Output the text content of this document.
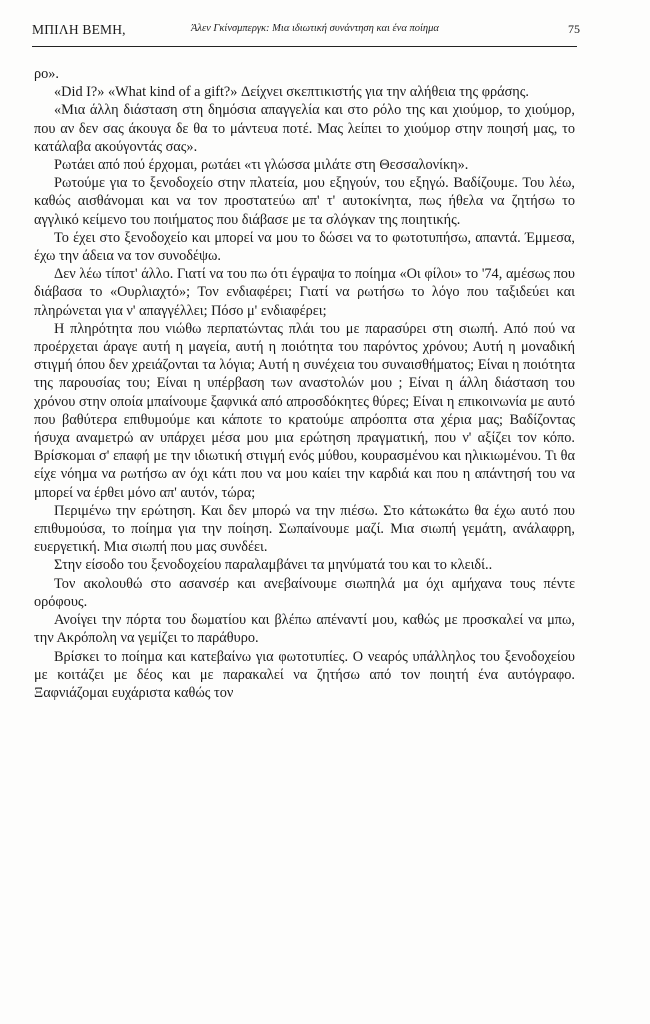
ΜΠΙΛΗ ΒΕΜΗ,	Άλεν Γκίνσμπεργκ: Μια ιδιωτική συνάντηση και ένα ποίημα	75

ρο».

«Did I?» «What kind of a gift?» Δείχνει σκεπτικιστής για την αλήθεια της φράσης.

«Μια άλλη διάσταση στη δημόσια απαγγελία και στο ρόλο της και χιούμορ, το χιούμορ, που αν δεν σας άκουγα δε θα το μάντευα ποτέ. Μας λείπει το χιούμορ στην ποιησή μας, το κατάλαβα ακούγοντάς σας».

Ρωτάει από πού έρχομαι, ρωτάει «τι γλώσσα μιλάτε στη Θεσσαλονίκη».

Ρωτούμε για το ξενοδοχείο στην πλατεία, μου εξηγούν, του εξηγώ. Βαδίζουμε. Του λέω, καθώς αισθάνομαι και να τον προστατεύω απ' τ' αυτοκίνητα, πως ήθελα να ζητήσω το αγγλικό κείμενο του ποιήματος που διάβασε με τα σλόγκαν της ποιητικής.

Το έχει στο ξενοδοχείο και μπορεί να μου το δώσει να το φωτοτυπήσω, απαντά. Έμμεσα, έχω την άδεια να τον συνοδέψω.

Δεν λέω τίποτ' άλλο. Γιατί να του πω ότι έγραψα το ποίημα «Οι φίλοι» το '74, αμέσως που διάβασα το «Ουρλιαχτό»; Τον ενδιαφέρει; Γιατί να ρωτήσω το λόγο που ταξιδεύει και πληρώνεται για ν' απαγγέλλει; Πόσο μ' ενδιαφέρει;

Η πληρότητα που νιώθω περπατώντας πλάι του με παρασύρει στη σιωπή. Από πού να προέρχεται άραγε αυτή η μαγεία, αυτή η ποιότητα του παρόντος χρόνου; Αυτή η μοναδική στιγμή όπου δεν χρειάζονται τα λόγια; Αυτή η συνέχεια του συναισθήματος; Είναι η ποιότητα της παρουσίας του; Είναι η υπέρβαση των αναστολών μου ; Είναι η άλλη διάσταση του χρόνου στην οποία μπαίνουμε ξαφνικά από απροσδόκητες θύρες; Είναι η επικοινωνία με αυτό που βαθύτερα επιθυμούμε και κάποτε το κρατούμε απρόοπτα στα χέρια μας; Βαδίζοντας ήσυχα αναμετρώ αν υπάρχει μέσα μου μια ερώτηση πραγματική, που ν' αξίζει τον κόπο. Βρίσκομαι σ' επαφή με την ιδιωτική στιγμή ενός μύθου, κουρασμένου και ηλικιωμένου. Τι θα είχε νόημα να ρωτήσω αν όχι κάτι που να μου καίει την καρδιά και που η απάντησή του να μπορεί να έρθει μόνο απ' αυτόν, τώρα;

Περιμένω την ερώτηση. Και δεν μπορώ να την πιέσω. Στο κάτωκάτω θα έχω αυτό που επιθυμούσα, το ποίημα για την ποίηση. Σωπαίνουμε μαζί. Μια σιωπή γεμάτη, ανάλαφρη, ευεργετική. Μια σιωπή που μας συνδέει.

Στην είσοδο του ξενοδοχείου παραλαμβάνει τα μηνύματά του και το κλειδί..

Τον ακολουθώ στο ασανσέρ και ανεβαίνουμε σιωπηλά μα όχι αμήχανα τους πέντε ορόφους.

Ανοίγει την πόρτα του δωματίου και βλέπω απέναντί μου, καθώς με προσκαλεί να μπω, την Ακρόπολη να γεμίζει το παράθυρο.

Βρίσκει το ποίημα και κατεβαίνω για φωτοτυπίες. Ο νεαρός υπάλληλος του ξενοδοχείου με κοιτάζει με δέος και με παρακαλεί να ζητήσω από τον ποιητή ένα αυτόγραφο. Ξαφνιάζομαι ευχάριστα καθώς τον
